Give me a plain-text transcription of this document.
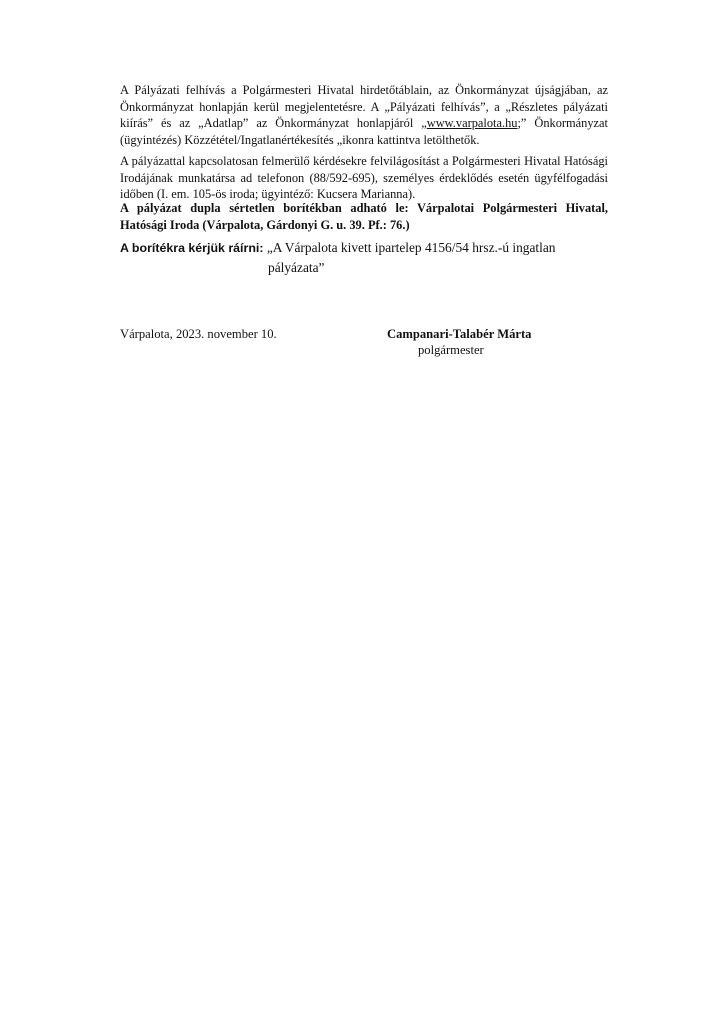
A Pályázati felhívás a Polgármesteri Hivatal hirdetőtáblain, az Önkormányzat újságjában, az Önkormányzat honlapján kerül megjelentetésre. A „Pályázati felhívás”, a „Részletes pályázati kiírás” és az „Adatlap” az Önkormányzat honlapjáról „www.varpalota.hu;” Önkormányzat (ügyintézés) Közzététel/Ingatlanértékesítés „ikonra kattintva letölthetők.
A pályázattal kapcsolatosan felmerülő kérdésekre felvilágosítást a Polgármesteri Hivatal Hatósági Irodájának munkatársa ad telefonon (88/592-695), személyes érdeklődés esetén ügyfélfogadási időben (I. em. 105-ös iroda; ügyintéző: Kucsera Marianna).
A pályázat dupla sértetlen borítékban adható le: Várpalotai Polgármesteri Hivatal, Hatósági Iroda (Várpalota, Gárdonyi G. u. 39. Pf.: 76.)
A borítékra kérjük ráírni: „A Várpalota kivett ipartelep 4156/54 hrsz.-ú ingatlan
pályázata”
Várpalota, 2023. november 10.	Campanari-Talabér Márta
polgármester
